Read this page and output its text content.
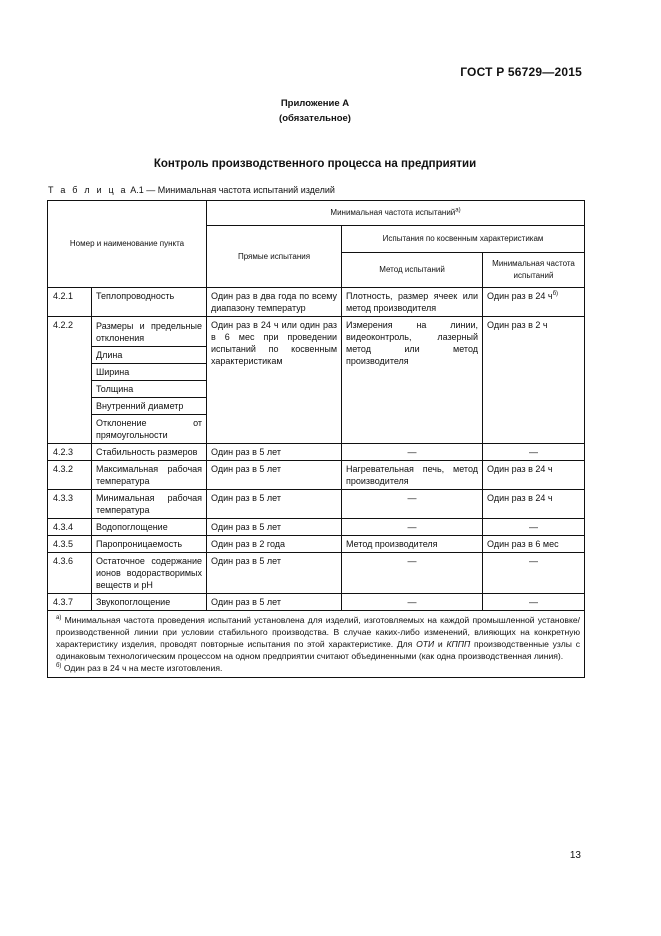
ГОСТ Р 56729—2015
Приложение А
(обязательное)
Контроль производственного процесса на предприятии
Т а б л и ц а А.1 — Минимальная частота испытаний изделий
Номер и наименование пункта		Минимальная частота испытаний$^{a)}$
		Прямые испытания	Испытания по косвенным характеристикам	
			Метод испытаний	Минимальная частота испытаний
4.2.1	Теплопроводность	Один раз в два года по всему диапазону температур	Плотность, размер ячеек или метод производителя	Один раз в 24 $ч^{б)}$
4.2.2	Размеры и предельные отклонения	Один раз в 24 ч или один раз в 6 мес при проведении испытаний по косвенным характеристикам	Измерения на линии, видеоконтроль, лазерный метод или метод производителя	Один раз в 2 ч
	Длина			
	Ширина			
	Толщина			
	Внутренний диаметр			
	Отклонение от прямоугольности			
4.2.3	Стабильность размеров	Один раз в 5 лет	—	—
4.3.2	Максимальная рабочая температура	Один раз в 5 лет	Нагревательная печь, метод производителя	Один раз в 24 ч
4.3.3	Минимальная рабочая температура	Один раз в 5 лет	—	Один раз в 24 ч
4.3.4	Водопоглощение	Один раз в 5 лет	—	—
4.3.5	Паропроницаемость	Один раз в 2 года	Метод производителя	Один раз в 6 мес
4.3.6	Остаточное содержание ионов водорастворимых веществ и pH	Один раз в 5 лет	—	—
4.3.7	Звукопоглощение	Один раз в 5 лет	—	—

$^{а)}$ Минимальная частота проведения испытаний установлена для изделий, изготовляемых на каждой промышленной установке/производственной линии при условии стабильного производства. В случае каких-либо изменений, влияющих на конкретную характеристику изделия, проводят повторные испытания по этой характеристике. Для ОТИ и КППП производственные узлы с одинаковым технологическим процессом на одном предприятии считают объединенными (как одна производственная линия).
$^{б)}$ Один раз в 24 ч на месте изготовления.				
13
